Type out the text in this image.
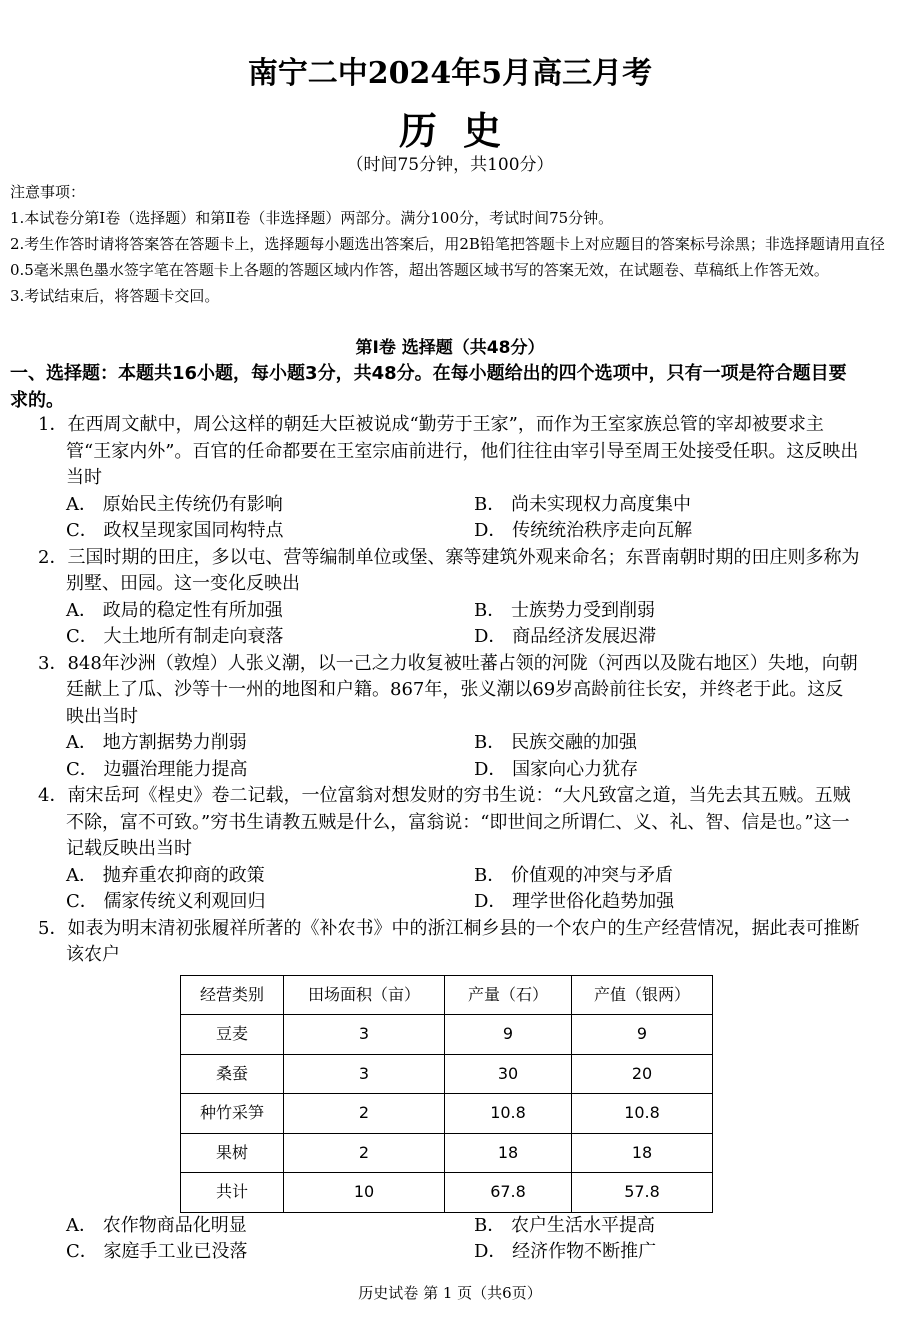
南宁二中2024年5月高三月考
历史
（时间75分钟，共100分）
注意事项：
1.本试卷分第Ⅰ卷（选择题）和第Ⅱ卷（非选择题）两部分。满分100分，考试时间75分钟。
2.考生作答时请将答案答在答题卡上，选择题每小题选出答案后，用2B铅笔把答题卡上对应题目的答案标号涂黑；非选择题请用直径0.5毫米黑色墨水签字笔在答题卡上各题的答题区域内作答，超出答题区域书写的答案无效，在试题卷、草稿纸上作答无效。
3.考试结束后，将答题卡交回。
第Ⅰ卷 选择题（共48分）
一、选择题：本题共16小题，每小题3分，共48分。在每小题给出的四个选项中，只有一项是符合题目要求的。
1．在西周文献中，周公这样的朝廷大臣被说成“勤劳于王家”，而作为王室家族总管的宰却被要求主管“王家内外”。百官的任命都要在王室宗庙前进行，他们往往由宰引导至周王处接受任职。这反映出当时
A． 原始民主传统仍有影响	B． 尚未实现权力高度集中
C． 政权呈现家国同构特点	D． 传统统治秩序走向瓦解
2．三国时期的田庄，多以屯、营等编制单位或堡、寨等建筑外观来命名；东晋南朝时期的田庄则多称为别墅、田园。这一变化反映出
A． 政局的稳定性有所加强	B． 士族势力受到削弱
C． 大土地所有制走向衰落	D． 商品经济发展迟滞
3．848年沙洲（敦煌）人张义潮，以一己之力收复被吐蕃占领的河陇（河西以及陇右地区）失地，向朝廷献上了瓜、沙等十一州的地图和户籍。867年，张义潮以69岁高龄前往长安，并终老于此。这反映出当时
A． 地方割据势力削弱	B． 民族交融的加强
C． 边疆治理能力提高	D． 国家向心力犹存
4．南宋岳珂《桯史》卷二记载，一位富翁对想发财的穷书生说：“大凡致富之道，当先去其五贼。五贼不除，富不可致。”穷书生请教五贼是什么，富翁说：“即世间之所谓仁、义、礼、智、信是也。”这一记载反映出当时
A． 抛弃重农抑商的政策	B． 价值观的冲突与矛盾
C． 儒家传统义利观回归	D． 理学世俗化趋势加强
5．如表为明末清初张履祥所著的《补农书》中的浙江桐乡县的一个农户的生产经营情况，据此表可推断该农户
经营类别	田场面积（亩）	产量（石）	产值（银两）
豆麦	3	9	9
桑蚕	3	30	20
种竹采笋	2	10.8	10.8
果树	2	18	18
共计	10	67.8	57.8
A． 农作物商品化明显	B． 农户生活水平提高
C． 家庭手工业已没落	D． 经济作物不断推广
历史试卷 第 1 页（共6页）
